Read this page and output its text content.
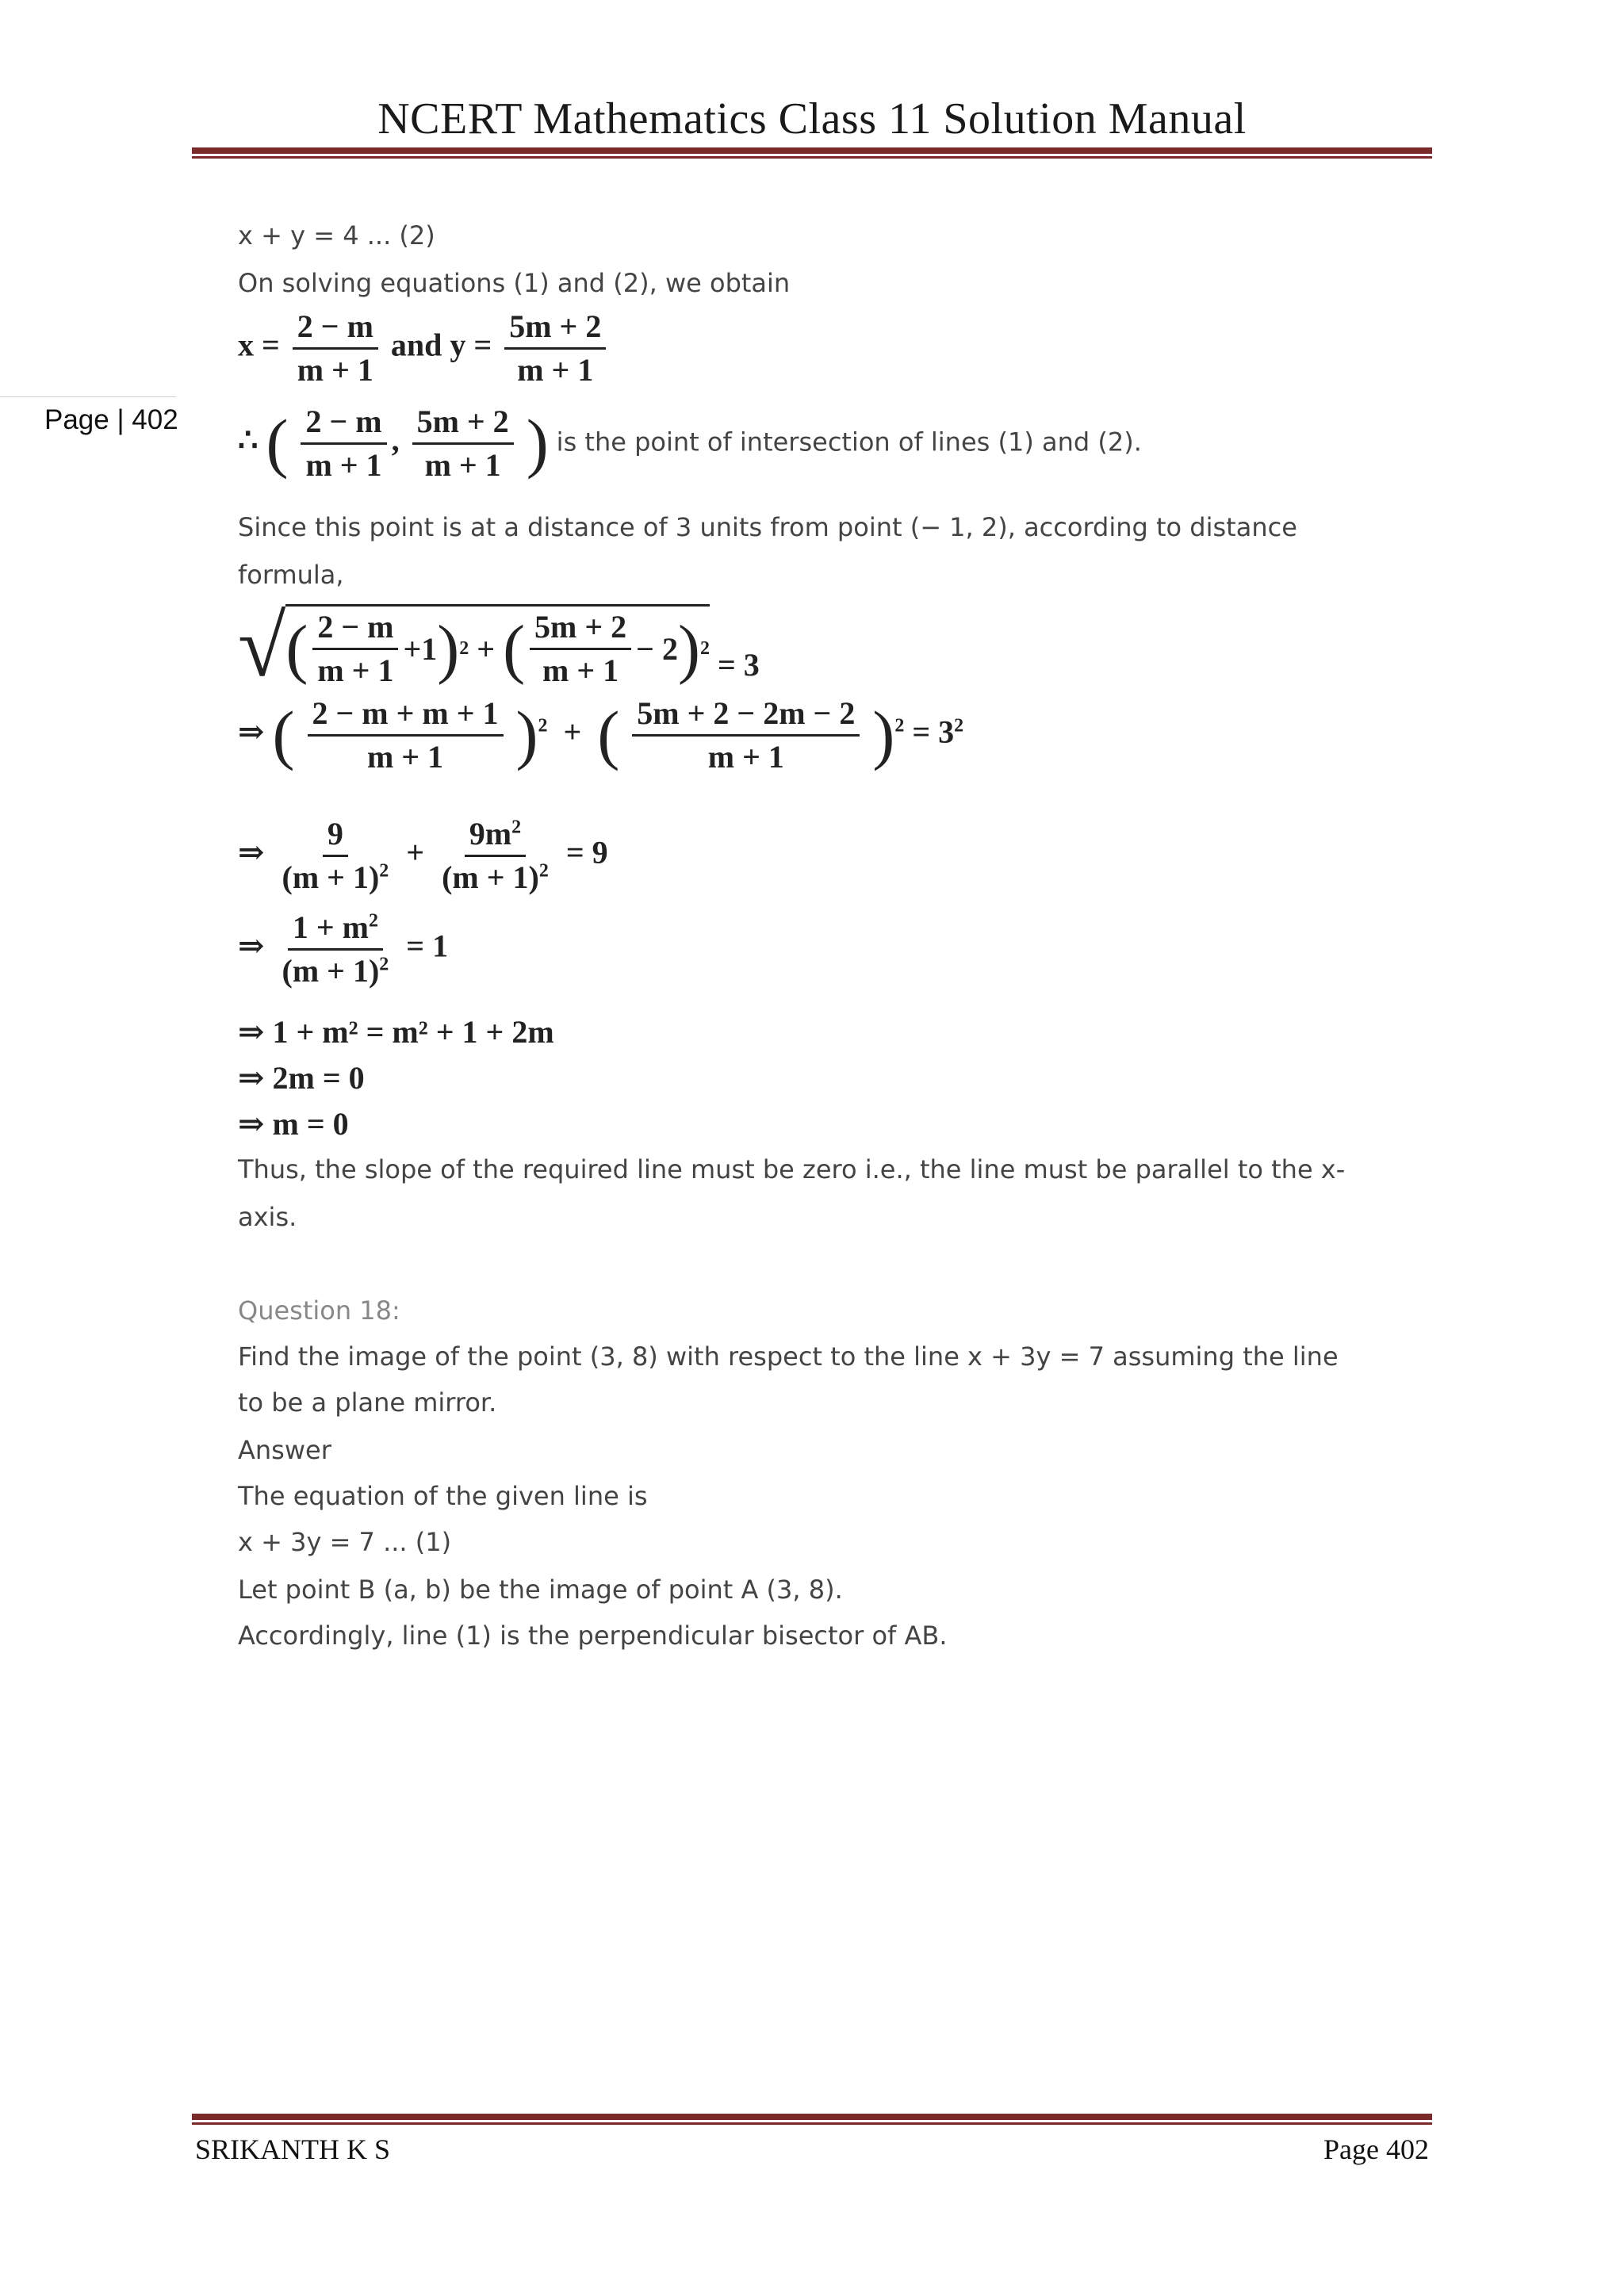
NCERT Mathematics Class 11 Solution Manual
Page | 402
x + y = 4 ... (2)
On solving equations (1) and (2), we obtain
$x = \frac{2 - m}{m + 1}$ and $y = \frac{5m + 2}{m + 1}$
∴ ( $\frac{2 - m}{m + 1}$ , $\frac{5m + 2}{m + 1}$ ) is the point of intersection of lines (1) and (2).
Since this point is at a distance of 3 units from point (− 1, 2), according to distance
formula,
√ ( $\frac{2 - m}{m + 1} +1$ ) 2 + ( $\frac{5m + 2}{m + 1} - 2$ ) 2 = 3
⇒ ( $\frac{2 - m + m + 1}{m + 1} )^2$  +  ( $\frac{5m + 2 - 2m - 2}{m + 1} )^2 = 3^2$
⇒ $\frac{9}{(m + 1)^2} + \frac{9m^2}{(m + 1)^2} = 9$
⇒ $\frac{1 + m^2}{(m + 1)^2} = 1$
⇒ 1 + m² = m² + 1 + 2m
⇒ 2m = 0
⇒ m = 0
Thus, the slope of the required line must be zero i.e., the line must be parallel to the x-
axis.
Question 18:
Find the image of the point (3, 8) with respect to the line x + 3y = 7 assuming the line
to be a plane mirror.
Answer
The equation of the given line is
x + 3y = 7 ... (1)
Let point B (a, b) be the image of point A (3, 8).
Accordingly, line (1) is the perpendicular bisector of AB.
SRIKANTH K S	Page 402
